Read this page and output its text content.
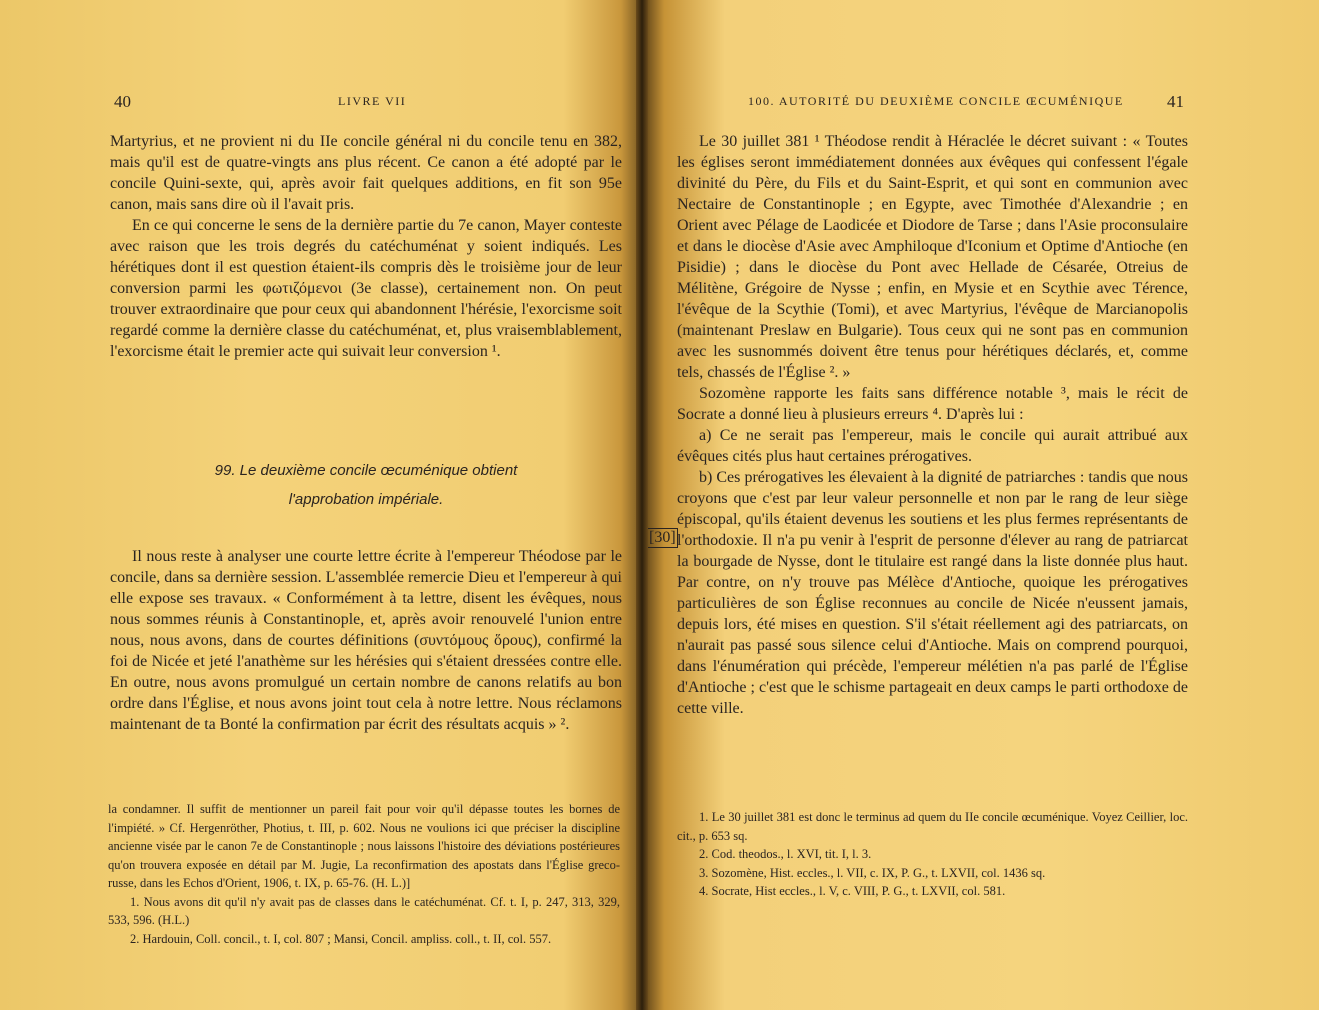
40	LIVRE VII

Martyrius, et ne provient ni du IIe concile général ni du concile tenu en 382, mais qu'il est de quatre-vingts ans plus récent. Ce canon a été adopté par le concile Quini-sexte, qui, après avoir fait quelques additions, en fit son 95e canon, mais sans dire où il l'avait pris.

En ce qui concerne le sens de la dernière partie du 7e canon, Mayer conteste avec raison que les trois degrés du catéchuménat y soient indiqués. Les hérétiques dont il est question étaient-ils compris dès le troisième jour de leur conversion parmi les φωτιζόμενοι (3e classe), certainement non. On peut trouver extraordinaire que pour ceux qui abandonnent l'hérésie, l'exorcisme soit regardé comme la dernière classe du catéchuménat, et, plus vraisemblablement, l'exorcisme était le premier acte qui suivait leur conversion ¹.

99. Le deuxième concile œcuménique obtient
l'approbation impériale.

Il nous reste à analyser une courte lettre écrite à l'empereur Théodose par le concile, dans sa dernière session. L'assemblée remercie Dieu et l'empereur à qui elle expose ses travaux. « Conformément à ta lettre, disent les évêques, nous nous sommes réunis à Constantinople, et, après avoir renouvelé l'union entre nous, nous avons, dans de courtes définitions (συντόμους ὅρους), confirmé la foi de Nicée et jeté l'anathème sur les hérésies qui s'étaient dressées contre elle. En outre, nous avons promulgué un certain nombre de canons relatifs au bon ordre dans l'Église, et nous avons joint tout cela à notre lettre. Nous réclamons maintenant de ta Bonté la confirmation par écrit des résultats acquis » ².

la condamner. Il suffit de mentionner un pareil fait pour voir qu'il dépasse toutes les bornes de l'impiété. » Cf. Hergenröther, Photius, t. III, p. 602. Nous ne voulions ici que préciser la discipline ancienne visée par le canon 7e de Constantinople ; nous laissons l'histoire des déviations postérieures qu'on trouvera exposée en détail par M. Jugie, La reconfirmation des apostats dans l'Église greco-russe, dans les Echos d'Orient, 1906, t. IX, p. 65-76. (H. L.)]

1. Nous avons dit qu'il n'y avait pas de classes dans le catéchuménat. Cf. t. I, p. 247, 313, 329, 533, 596. (H.L.)

2. Hardouin, Coll. concil., t. I, col. 807 ; Mansi, Concil. ampliss. coll., t. II, col. 557.

100. AUTORITÉ DU DEUXIÈME CONCILE ŒCUMÉNIQUE	41

Le 30 juillet 381 ¹ Théodose rendit à Héraclée le décret suivant : « Toutes les églises seront immédiatement données aux évêques qui confessent l'égale divinité du Père, du Fils et du Saint-Esprit, et qui sont en communion avec Nectaire de Constantinople ; en Egypte, avec Timothée d'Alexandrie ; en Orient avec Pélage de Laodicée et Diodore de Tarse ; dans l'Asie proconsulaire et dans le diocèse d'Asie avec Amphiloque d'Iconium et Optime d'Antioche (en Pisidie) ; dans le diocèse du Pont avec Hellade de Césarée, Otreius de Mélitène, Grégoire de Nysse ; enfin, en Mysie et en Scythie avec Térence, l'évêque de la Scythie (Tomi), et avec Martyrius, l'évêque de Marcianopolis (maintenant Preslaw en Bulgarie). Tous ceux qui ne sont pas en communion avec les susnommés doivent être tenus pour hérétiques déclarés, et, comme tels, chassés de l'Église ². »

Sozomène rapporte les faits sans différence notable ³, mais le récit de Socrate a donné lieu à plusieurs erreurs ⁴. D'après lui :

a) Ce ne serait pas l'empereur, mais le concile qui aurait attribué aux évêques cités plus haut certaines prérogatives.

b) Ces prérogatives les élevaient à la dignité de patriarches : tandis que nous croyons que c'est par leur valeur personnelle et non par le rang de leur siège épiscopal, qu'ils étaient devenus les soutiens et les plus fermes représentants de l'orthodoxie. Il n'a pu venir à l'esprit de personne d'élever au rang de patriarcat la bourgade de Nysse, dont le titulaire est rangé dans la liste donnée plus haut. Par contre, on n'y trouve pas Mélèce d'Antioche, quoique les prérogatives particulières de son Église reconnues au concile de Nicée n'eussent jamais, depuis lors, été mises en question. S'il s'était réellement agi des patriarcats, on n'aurait pas passé sous silence celui d'Antioche. Mais on comprend pourquoi, dans l'énumération qui précède, l'empereur mélétien n'a pas parlé de l'Église d'Antioche ; c'est que le schisme partageait en deux camps le parti orthodoxe de cette ville.

1. Le 30 juillet 381 est donc le terminus ad quem du IIe concile œcuménique. Voyez Ceillier, loc. cit., p. 653 sq.

2. Cod. theodos., l. XVI, tit. I, l. 3.

3. Sozomène, Hist. eccles., l. VII, c. IX, P. G., t. LXVII, col. 1436 sq.

4. Socrate, Hist eccles., l. V, c. VIII, P. G., t. LXVII, col. 581.

[30]
